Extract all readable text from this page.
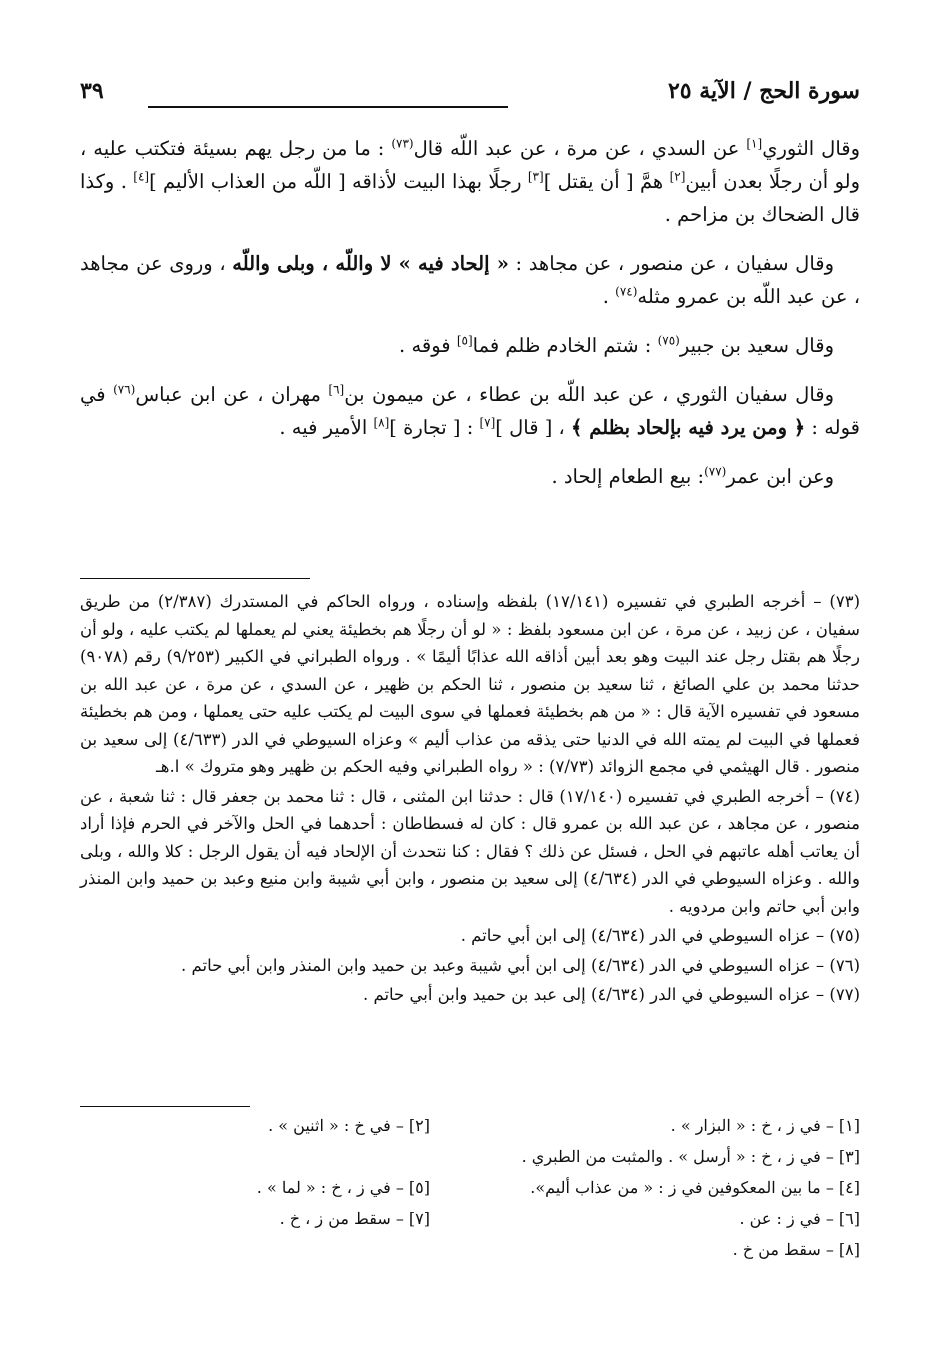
سورة الحج / الآية ٢٥
٣٩

وقال الثوري[١] عن السدي ، عن مرة ، عن عبد اللّه قال$^{(٧٣)}$ : ما من رجل يهم بسيئة فتكتب عليه ، ولو أن رجلًا بعدن أبين[٢] همَّ [ أن يقتل ][٣] رجلًا بهذا البيت لأذاقه [ اللّه من العذاب الأليم ][٤] . وكذا قال الضحاك بن مزاحم .

وقال سفيان ، عن منصور ، عن مجاهد : « إلحاد فيه » لا واللّه ، وبلى واللّه ، وروى عن مجاهد ، عن عبد اللّه بن عمرو مثله$^{(٧٤)}$ .

وقال سعيد بن جبير$^{(٧٥)}$ : شتم الخادم ظلم فما[٥] فوقه .

وقال سفيان الثوري ، عن عبد اللّه بن عطاء ، عن ميمون بن[٦] مهران ، عن ابن عباس$^{(٧٦)}$ في قوله : ﴿ ومن يرد فيه بإلحاد بظلم ﴾ ، [ قال ][٧] : [ تجارة ][٨] الأمير فيه .

وعن ابن عمر$^{(٧٧)}$: بيع الطعام إلحاد .

(٧٣) – أخرجه الطبري في تفسيره (١٧/١٤١) بلفظه وإسناده ، ورواه الحاكم في المستدرك (٢/٣٨٧) من طريق سفيان ، عن زبيد ، عن مرة ، عن ابن مسعود بلفظ : « لو أن رجلًا هم بخطيئة يعني لم يعملها لم يكتب عليه ، ولو أن رجلًا هم بقتل رجل عند البيت وهو بعد أبين أذاقه الله عذابًا أليمًا » . ورواه الطبراني في الكبير (٩/٢٥٣) رقم (٩٠٧٨) حدثنا محمد بن علي الصائغ ، ثنا سعيد بن منصور ، ثنا الحكم بن ظهير ، عن السدي ، عن مرة ، عن عبد الله بن مسعود في تفسيره الآية قال : « من هم بخطيئة فعملها في سوى البيت لم يكتب عليه حتى يعملها ، ومن هم بخطيئة فعملها في البيت لم يمته الله في الدنيا حتى يذقه من عذاب أليم » وعزاه السيوطي في الدر (٤/٦٣٣) إلى سعيد بن منصور . قال الهيثمي في مجمع الزوائد (٧/٧٣) : « رواه الطبراني وفيه الحكم بن ظهير وهو متروك » ا.هـ

(٧٤) – أخرجه الطبري في تفسيره (١٧/١٤٠) قال : حدثنا ابن المثنى ، قال : ثنا محمد بن جعفر قال : ثنا شعبة ، عن منصور ، عن مجاهد ، عن عبد الله بن عمرو قال : كان له فسطاطان : أحدهما في الحل والآخر في الحرم فإذا أراد أن يعاتب أهله عاتبهم في الحل ، فسئل عن ذلك ؟ فقال : كنا نتحدث أن الإلحاد فيه أن يقول الرجل : كلا والله ، وبلى والله . وعزاه السيوطي في الدر (٤/٦٣٤) إلى سعيد بن منصور ، وابن أبي شيبة وابن منيع وعبد بن حميد وابن المنذر وابن أبي حاتم وابن مردويه .

(٧٥) – عزاه السيوطي في الدر (٤/٦٣٤) إلى ابن أبي حاتم .

(٧٦) – عزاه السيوطي في الدر (٤/٦٣٤) إلى ابن أبي شيبة وعبد بن حميد وابن المنذر وابن أبي حاتم .

(٧٧) – عزاه السيوطي في الدر (٤/٦٣٤) إلى عبد بن حميد وابن أبي حاتم .

[١] – في ز ، خ : « البزار » .
[٢] – في خ : « اثنين » .
[٣] – في ز ، خ : « أرسل » . والمثبت من الطبري .
[٤] – ما بين المعكوفين في ز : « من عذاب أليم».
[٥] – في ز ، خ : « لما » .
[٦] – في ز : عن .
[٧] – سقط من ز ، خ .
[٨] – سقط من خ .
